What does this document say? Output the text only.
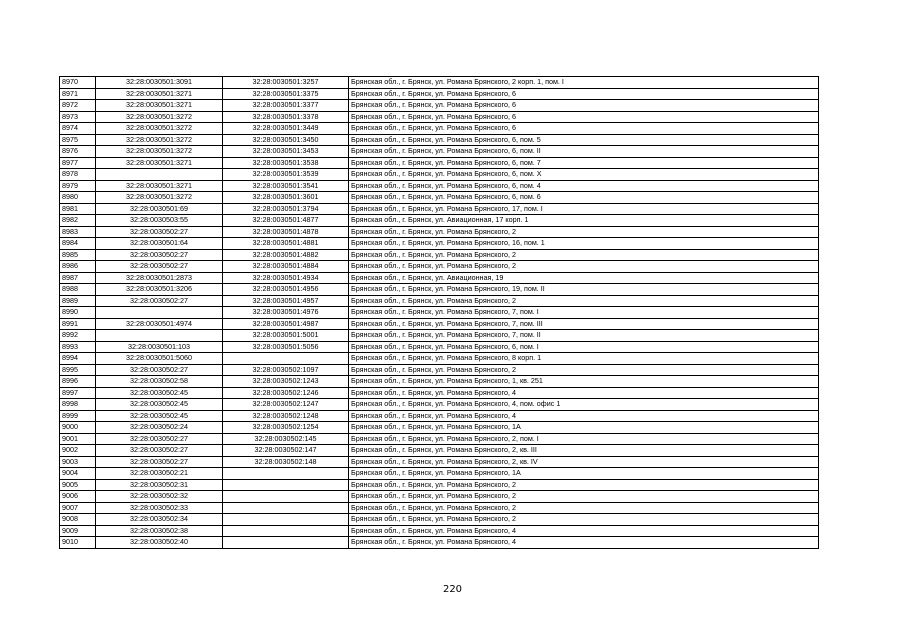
8970	32:28:0030501:3091	32:28:0030501:3257	Брянская обл., г. Брянск, ул. Романа Брянского, 2 корп. 1, пом. I
8971	32:28:0030501:3271	32:28:0030501:3375	Брянская обл., г. Брянск, ул. Романа Брянского, 6
8972	32:28:0030501:3271	32:28:0030501:3377	Брянская обл., г. Брянск, ул. Романа Брянского, 6
8973	32:28:0030501:3272	32:28:0030501:3378	Брянская обл., г. Брянск, ул. Романа Брянского, 6
8974	32:28:0030501:3272	32:28:0030501:3449	Брянская обл., г. Брянск, ул. Романа Брянского, 6
8975	32:28:0030501:3272	32:28:0030501:3450	Брянская обл., г. Брянск, ул. Романа Брянского, 6, пом. 5
8976	32:28:0030501:3272	32:28:0030501:3453	Брянская обл., г. Брянск, ул. Романа Брянского, 6, пом. II
8977	32:28:0030501:3271	32:28:0030501:3538	Брянская обл., г. Брянск, ул. Романа Брянского, 6, пом. 7
8978		32:28:0030501:3539	Брянская обл., г. Брянск, ул. Романа Брянского, 6, пом. X
8979	32:28:0030501:3271	32:28:0030501:3541	Брянская обл., г. Брянск, ул. Романа Брянского, 6, пом. 4
8980	32:28:0030501:3272	32:28:0030501:3601	Брянская обл., г. Брянск, ул. Романа Брянского, 6, пом. 6
8981	32:28:0030501:69	32:28:0030501:3794	Брянская обл., г. Брянск, ул. Романа Брянского, 17, пом. I
8982	32:28:0030503:55	32:28:0030501:4877	Брянская обл., г. Брянск, ул. Авиационная, 17 корп. 1
8983	32:28:0030502:27	32:28:0030501:4878	Брянская обл., г. Брянск, ул. Романа Брянского, 2
8984	32:28:0030501:64	32:28:0030501:4881	Брянская обл., г. Брянск, ул. Романа Брянского, 16, пом. 1
8985	32:28:0030502:27	32:28:0030501:4882	Брянская обл., г. Брянск, ул. Романа Брянского, 2
8986	32:28:0030502:27	32:28:0030501:4884	Брянская обл., г. Брянск, ул. Романа Брянского, 2
8987	32:28:0030501:2873	32:28:0030501:4934	Брянская обл., г. Брянск, ул. Авиационная, 19
8988	32:28:0030501:3206	32:28:0030501:4956	Брянская обл., г. Брянск, ул. Романа Брянского, 19, пом. II
8989	32:28:0030502:27	32:28:0030501:4957	Брянская обл., г. Брянск, ул. Романа Брянского, 2
8990		32:28:0030501:4976	Брянская обл., г. Брянск, ул. Романа Брянского, 7, пом. I
8991	32:28:0030501:4974	32:28:0030501:4987	Брянская обл., г. Брянск, ул. Романа Брянского, 7, пом. III
8992		32:28:0030501:5001	Брянская обл., г. Брянск, ул. Романа Брянского, 7, пом. II
8993	32:28:0030501:103	32:28:0030501:5056	Брянская обл., г. Брянск, ул. Романа Брянского, 6, пом. I
8994	32:28:0030501:5060		Брянская обл., г. Брянск, ул. Романа Брянского, 8 корп. 1
8995	32:28:0030502:27	32:28:0030502:1097	Брянская обл., г. Брянск, ул. Романа Брянского, 2
8996	32:28:0030502:58	32:28:0030502:1243	Брянская обл., г. Брянск, ул. Романа Брянского, 1, кв. 251
8997	32:28:0030502:45	32:28:0030502:1246	Брянская обл., г. Брянск, ул. Романа Брянского, 4
8998	32:28:0030502:45	32:28:0030502:1247	Брянская обл., г. Брянск, ул. Романа Брянского, 4, пом. офис 1
8999	32:28:0030502:45	32:28:0030502:1248	Брянская обл., г. Брянск, ул. Романа Брянского, 4
9000	32:28:0030502:24	32:28:0030502:1254	Брянская обл., г. Брянск, ул. Романа Брянского, 1А
9001	32:28:0030502:27	32:28:0030502:145	Брянская обл., г. Брянск, ул. Романа Брянского, 2, пом. I
9002	32:28:0030502:27	32:28:0030502:147	Брянская обл., г. Брянск, ул. Романа Брянского, 2, кв. III
9003	32:28:0030502:27	32:28:0030502:148	Брянская обл., г. Брянск, ул. Романа Брянского, 2, кв. IV
9004	32:28:0030502:21		Брянская обл., г. Брянск, ул. Романа Брянского, 1А
9005	32:28:0030502:31		Брянская обл., г. Брянск, ул. Романа Брянского, 2
9006	32:28:0030502:32		Брянская обл., г. Брянск, ул. Романа Брянского, 2
9007	32:28:0030502:33		Брянская обл., г. Брянск, ул. Романа Брянского, 2
9008	32:28:0030502:34		Брянская обл., г. Брянск, ул. Романа Брянского, 2
9009	32:28:0030502:38		Брянская обл., г. Брянск, ул. Романа Брянского, 4
9010	32:28:0030502:40		Брянская обл., г. Брянск, ул. Романа Брянского, 4
220
